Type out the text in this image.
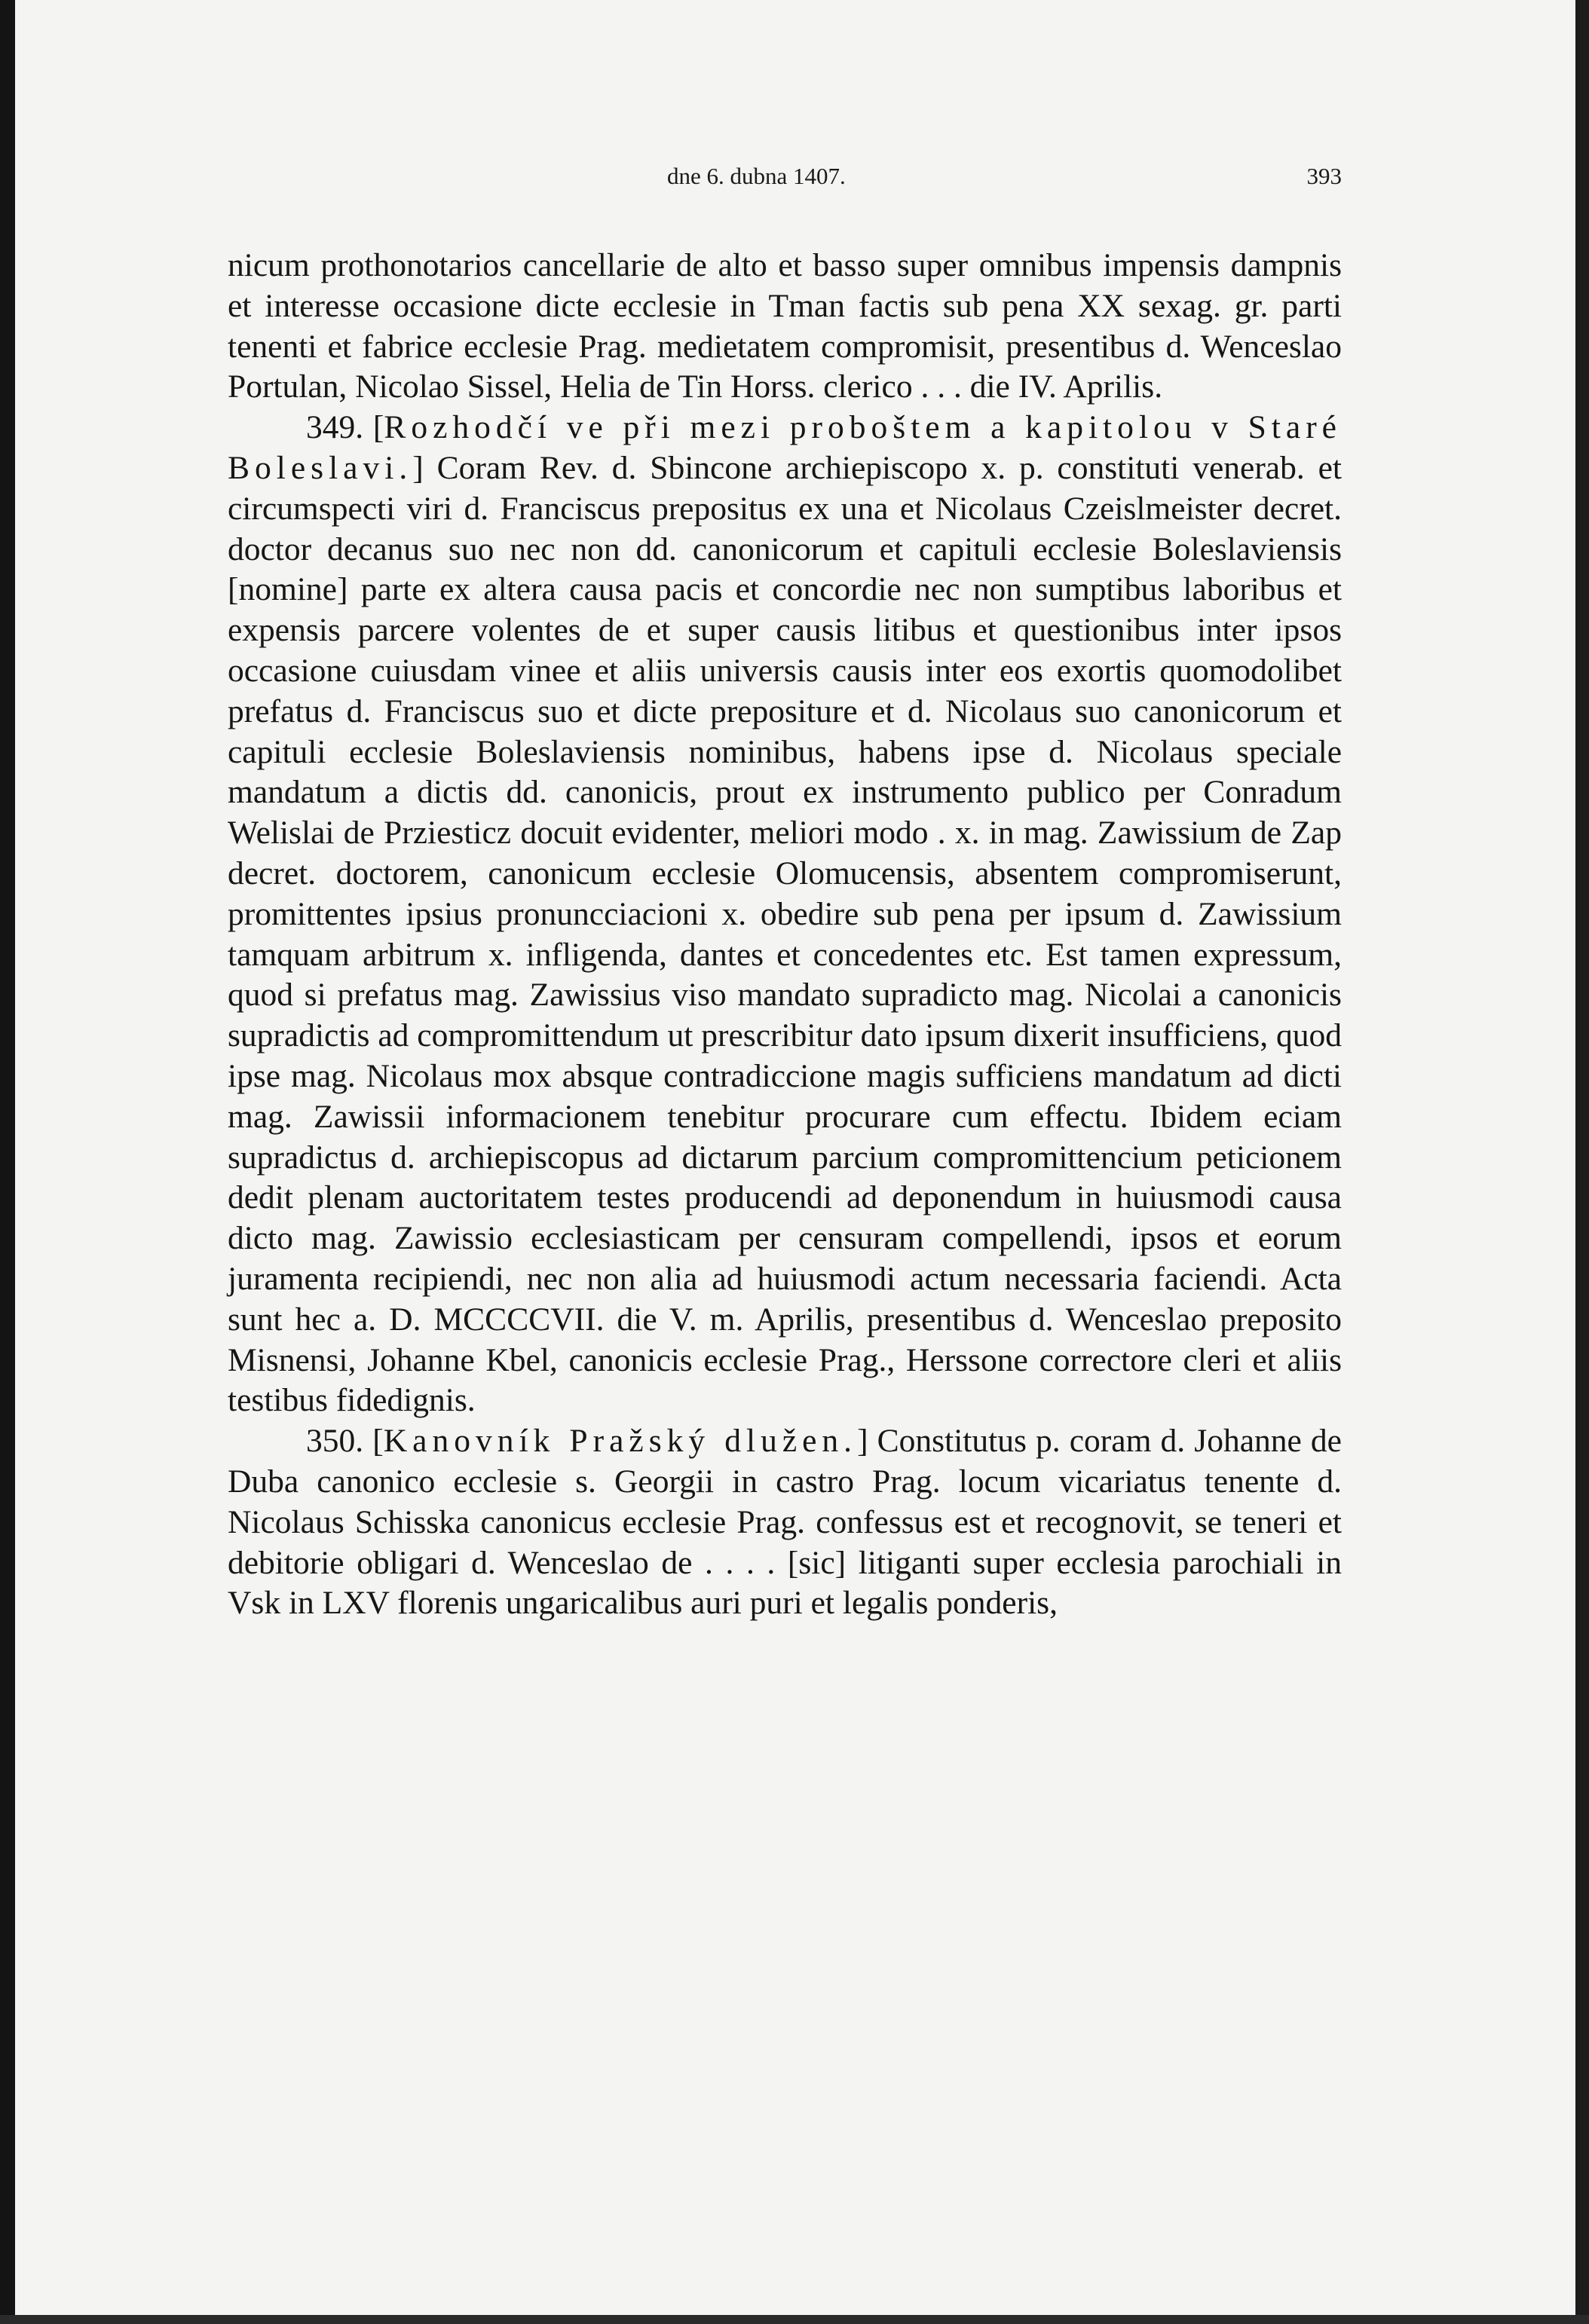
dne 6. dubna 1407.	393

nicum prothonotarios cancellarie de alto et basso super omnibus impensis dampnis et interesse occasione dicte ecclesie in Tman factis sub pena XX sexag. gr. parti tenenti et fabrice ecclesie Prag. medietatem compromisit, presentibus d. Wenceslao Portulan, Nicolao Sissel, Helia de Tin Horss. clerico . . . die IV. Aprilis.

349. [Rozhodčí ve při mezi proboštem a kapitolou v Staré Boleslavi.] Coram Rev. d. Sbincone archiepiscopo x. p. constituti venerab. et circumspecti viri d. Franciscus prepositus ex una et Nicolaus Czeislmeister decret. doctor decanus suo nec non dd. canonicorum et capituli ecclesie Boleslaviensis [nomine] parte ex altera causa pacis et concordie nec non sumptibus laboribus et expensis parcere volentes de et super causis litibus et questionibus inter ipsos occasione cuiusdam vinee et aliis universis causis inter eos exortis quomodolibet prefatus d. Franciscus suo et dicte prepositure et d. Nicolaus suo canonicorum et capituli ecclesie Boleslaviensis nominibus, habens ipse d. Nicolaus speciale mandatum a dictis dd. canonicis, prout ex instrumento publico per Conradum Welislai de Prziesticz docuit evidenter, meliori modo . x. in mag. Zawissium de Zap decret. doctorem, canonicum ecclesie Olomucensis, absentem compromiserunt, promittentes ipsius pronuncciacioni x. obedire sub pena per ipsum d. Zawissium tamquam arbitrum x. infligenda, dantes et concedentes etc. Est tamen expressum, quod si prefatus mag. Zawissius viso mandato supradicto mag. Nicolai a canonicis supradictis ad compromittendum ut prescribitur dato ipsum dixerit insufficiens, quod ipse mag. Nicolaus mox absque contradiccione magis sufficiens mandatum ad dicti mag. Zawissii informacionem tenebitur procurare cum effectu. Ibidem eciam supradictus d. archiepiscopus ad dictarum parcium compromittencium peticionem dedit plenam auctoritatem testes producendi ad deponendum in huiusmodi causa dicto mag. Zawissio ecclesiasticam per censuram compellendi, ipsos et eorum juramenta recipiendi, nec non alia ad huiusmodi actum necessaria faciendi. Acta sunt hec a. D. MCCCCVII. die V. m. Aprilis, presentibus d. Wenceslao preposito Misnensi, Johanne Kbel, canonicis ecclesie Prag., Herssone correctore cleri et aliis testibus fidedignis.

350. [Kanovník Pražský dlužen.] Constitutus p. coram d. Johanne de Duba canonico ecclesie s. Georgii in castro Prag. locum vicariatus tenente d. Nicolaus Schisska canonicus ecclesie Prag. confessus est et recognovit, se teneri et debitorie obligari d. Wenceslao de . . . . [sic] litiganti super ecclesia parochiali in Vsk in LXV florenis ungaricalibus auri puri et legalis ponderis,
